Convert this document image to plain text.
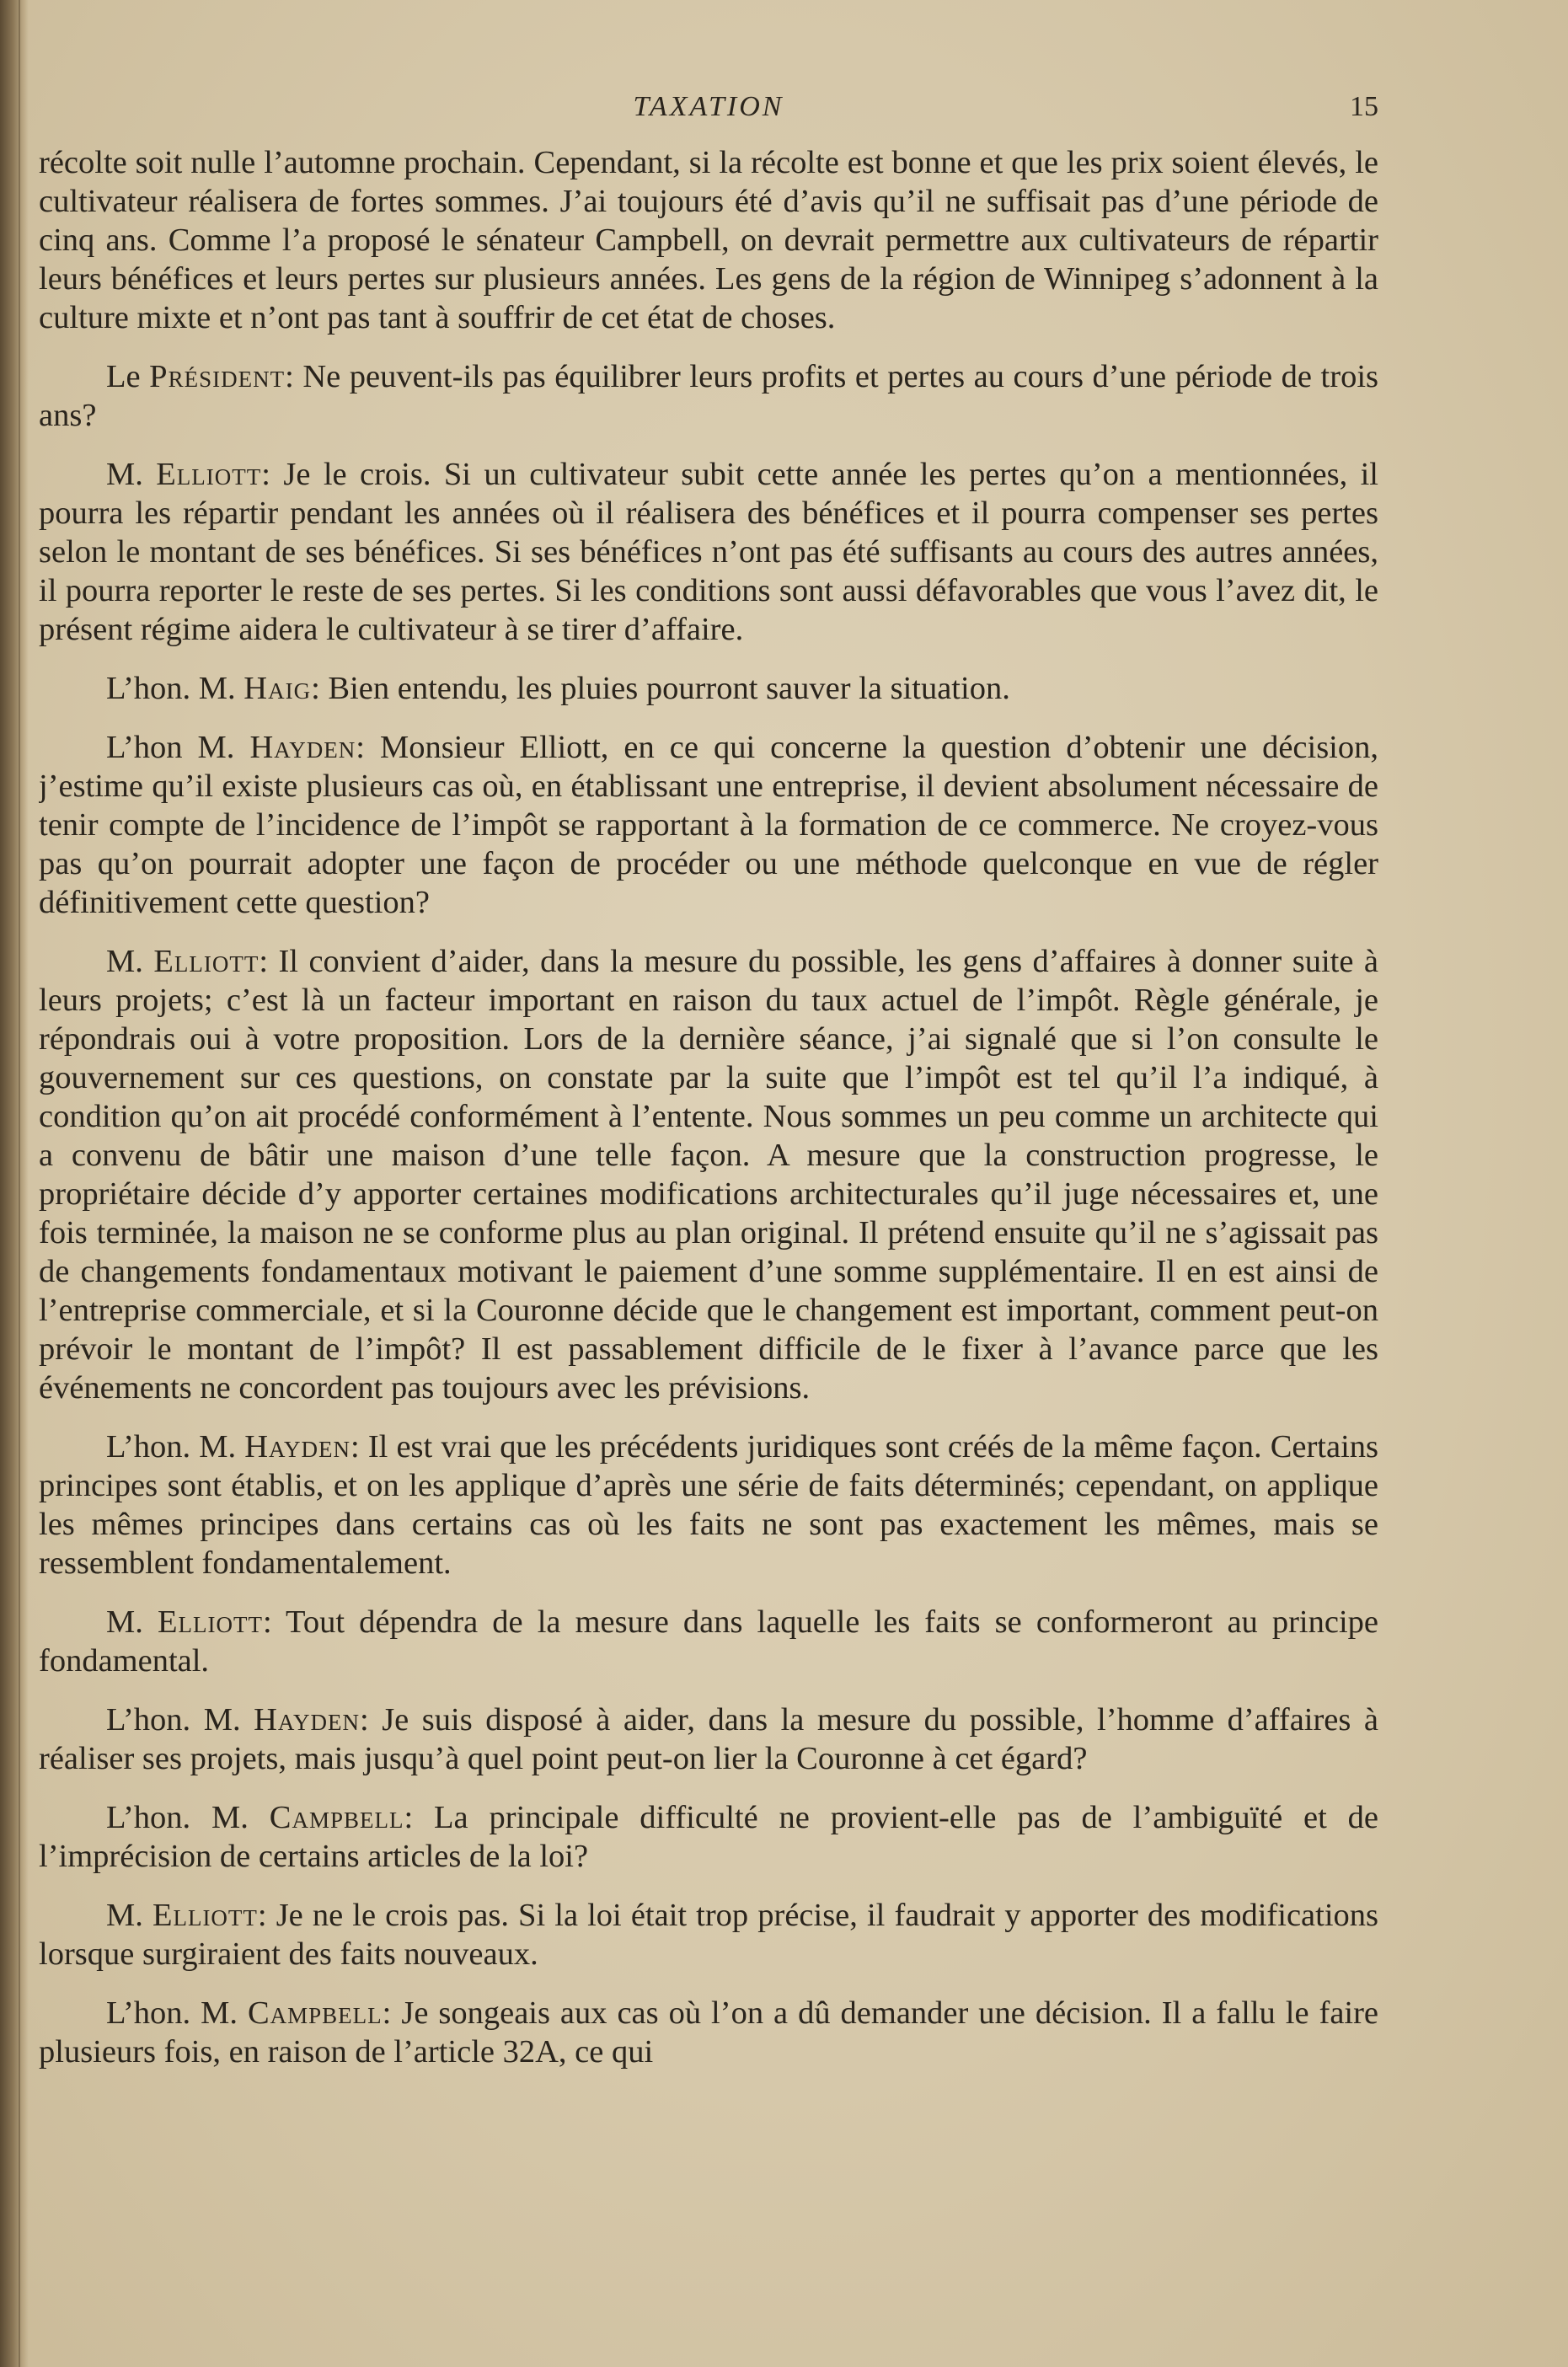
TAXATION	15

récolte soit nulle l’automne prochain. Cependant, si la récolte est bonne et que les prix soient élevés, le cultivateur réalisera de fortes sommes. J’ai toujours été d’avis qu’il ne suffisait pas d’une période de cinq ans. Comme l’a proposé le sénateur Campbell, on devrait permettre aux cultivateurs de répartir leurs bénéfices et leurs pertes sur plusieurs années. Les gens de la région de Winnipeg s’adonnent à la culture mixte et n’ont pas tant à souffrir de cet état de choses.

Le Président: Ne peuvent-ils pas équilibrer leurs profits et pertes au cours d’une période de trois ans?

M. Elliott: Je le crois. Si un cultivateur subit cette année les pertes qu’on a mentionnées, il pourra les répartir pendant les années où il réalisera des bénéfices et il pourra compenser ses pertes selon le montant de ses bénéfices. Si ses bénéfices n’ont pas été suffisants au cours des autres années, il pourra reporter le reste de ses pertes. Si les conditions sont aussi défavorables que vous l’avez dit, le présent régime aidera le cultivateur à se tirer d’affaire.

L’hon. M. Haig: Bien entendu, les pluies pourront sauver la situation.

L’hon M. Hayden: Monsieur Elliott, en ce qui concerne la question d’obtenir une décision, j’estime qu’il existe plusieurs cas où, en établissant une entreprise, il devient absolument nécessaire de tenir compte de l’incidence de l’impôt se rapportant à la formation de ce commerce. Ne croyez-vous pas qu’on pourrait adopter une façon de procéder ou une méthode quelconque en vue de régler définitivement cette question?

M. Elliott: Il convient d’aider, dans la mesure du possible, les gens d’affaires à donner suite à leurs projets; c’est là un facteur important en raison du taux actuel de l’impôt. Règle générale, je répondrais oui à votre proposition. Lors de la dernière séance, j’ai signalé que si l’on consulte le gouvernement sur ces questions, on constate par la suite que l’impôt est tel qu’il l’a indiqué, à condition qu’on ait procédé conformément à l’entente. Nous sommes un peu comme un architecte qui a convenu de bâtir une maison d’une telle façon. A mesure que la construction progresse, le propriétaire décide d’y apporter certaines modifications architecturales qu’il juge nécessaires et, une fois terminée, la maison ne se conforme plus au plan original. Il prétend ensuite qu’il ne s’agissait pas de changements fondamentaux motivant le paiement d’une somme supplémentaire. Il en est ainsi de l’entreprise commerciale, et si la Couronne décide que le changement est important, comment peut-on prévoir le montant de l’impôt? Il est passablement difficile de le fixer à l’avance parce que les événements ne concordent pas toujours avec les prévisions.

L’hon. M. Hayden: Il est vrai que les précédents juridiques sont créés de la même façon. Certains principes sont établis, et on les applique d’après une série de faits déterminés; cependant, on applique les mêmes principes dans certains cas où les faits ne sont pas exactement les mêmes, mais se ressemblent fondamentalement.

M. Elliott: Tout dépendra de la mesure dans laquelle les faits se conformeront au principe fondamental.

L’hon. M. Hayden: Je suis disposé à aider, dans la mesure du possible, l’homme d’affaires à réaliser ses projets, mais jusqu’à quel point peut-on lier la Couronne à cet égard?

L’hon. M. Campbell: La principale difficulté ne provient-elle pas de l’ambiguïté et de l’imprécision de certains articles de la loi?

M. Elliott: Je ne le crois pas. Si la loi était trop précise, il faudrait y apporter des modifications lorsque surgiraient des faits nouveaux.

L’hon. M. Campbell: Je songeais aux cas où l’on a dû demander une décision. Il a fallu le faire plusieurs fois, en raison de l’article 32A, ce qui
